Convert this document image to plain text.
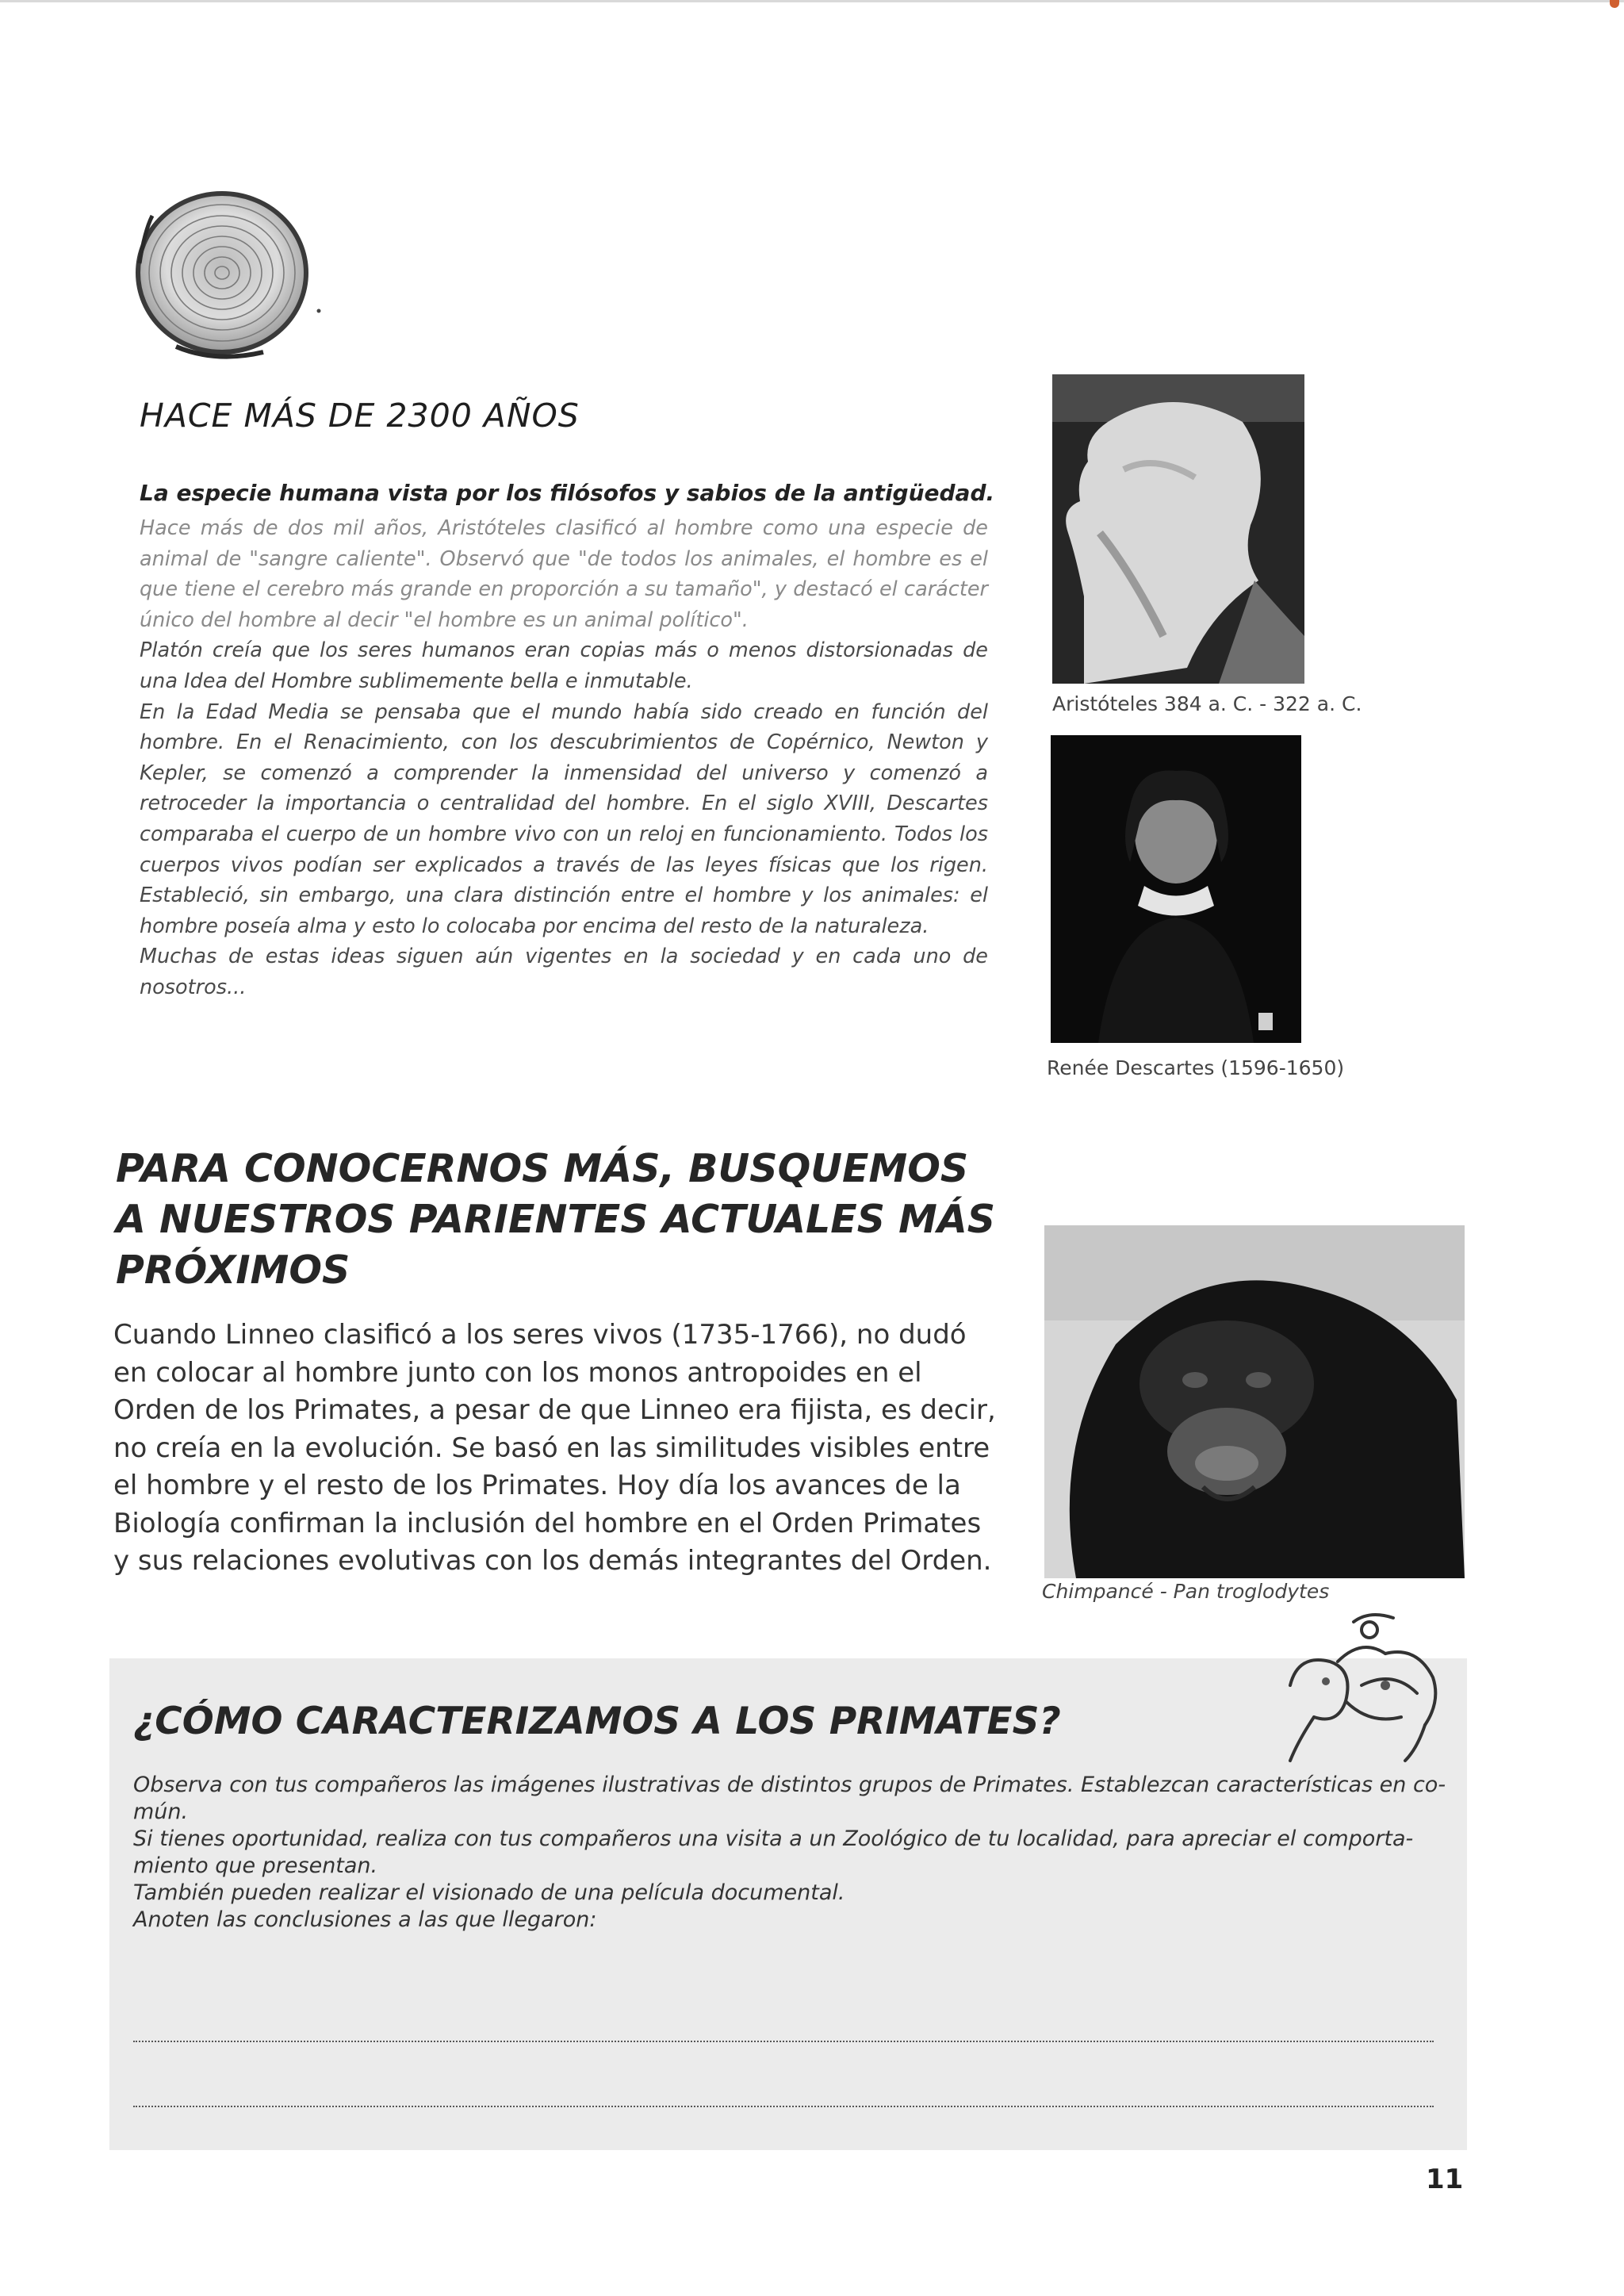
HACE MÁS DE 2300 AÑOS
La especie humana vista por los filósofos y sabios de la antigüedad.

Hace más de dos mil años, Aristóteles clasificó al hombre como una especie de animal de "sangre caliente". Observó que "de todos los animales, el hombre es el que tiene el cerebro más grande en proporción a su tamaño", y destacó el carácter único del hombre al decir "el hombre es un animal político".

Platón creía que los seres humanos eran copias más o menos distorsionadas de una Idea del Hombre sublimemente bella e inmutable.

En la Edad Media se pensaba que el mundo había sido creado en función del hombre. En el Renacimiento, con los descubrimientos de Copérnico, Newton y Kepler, se comenzó a comprender la inmensidad del universo y comenzó a retroceder la importancia o centralidad del hombre. En el siglo XVIII, Descartes comparaba el cuerpo de un hombre vivo con un reloj en funcionamiento. Todos los cuerpos vivos podían ser explicados a través de las leyes físicas que los rigen. Estableció, sin embargo, una clara distinción entre el hombre y los animales: el hombre poseía alma y esto lo colocaba por encima del resto de la naturaleza.

Muchas de estas ideas siguen aún vigentes en la sociedad y en cada uno de nosotros...

Aristóteles 384 a. C. - 322 a. C.
Renée Descartes (1596-1650)
PARA CONOCERNOS MÁS, BUSQUEMOS
A NUESTROS PARIENTES ACTUALES MÁS
PRÓXIMOS

Cuando Linneo clasificó a los seres vivos (1735-1766), no dudó en colocar al hombre junto con los monos antropoides en el Orden de los Primates, a pesar de que Linneo era fijista, es decir, no creía en la evolución. Se basó en las similitudes visibles entre el hombre y el resto de los Primates. Hoy día los avances de la Biología confirman la inclusión del hombre en el Orden Primates y sus relaciones evolutivas con los demás integrantes del Orden.

Chimpancé - Pan troglodytes
¿CÓMO CARACTERIZAMOS A LOS PRIMATES?
Observa con tus compañeros las imágenes ilustrativas de distintos grupos de Primates. Establezcan características en co-
mún.
Si tienes oportunidad, realiza con tus compañeros una visita a un Zoológico de tu localidad, para apreciar el comporta-
miento que presentan.
También pueden realizar el visionado de una película documental.
Anoten las conclusiones a las que llegaron:
11
